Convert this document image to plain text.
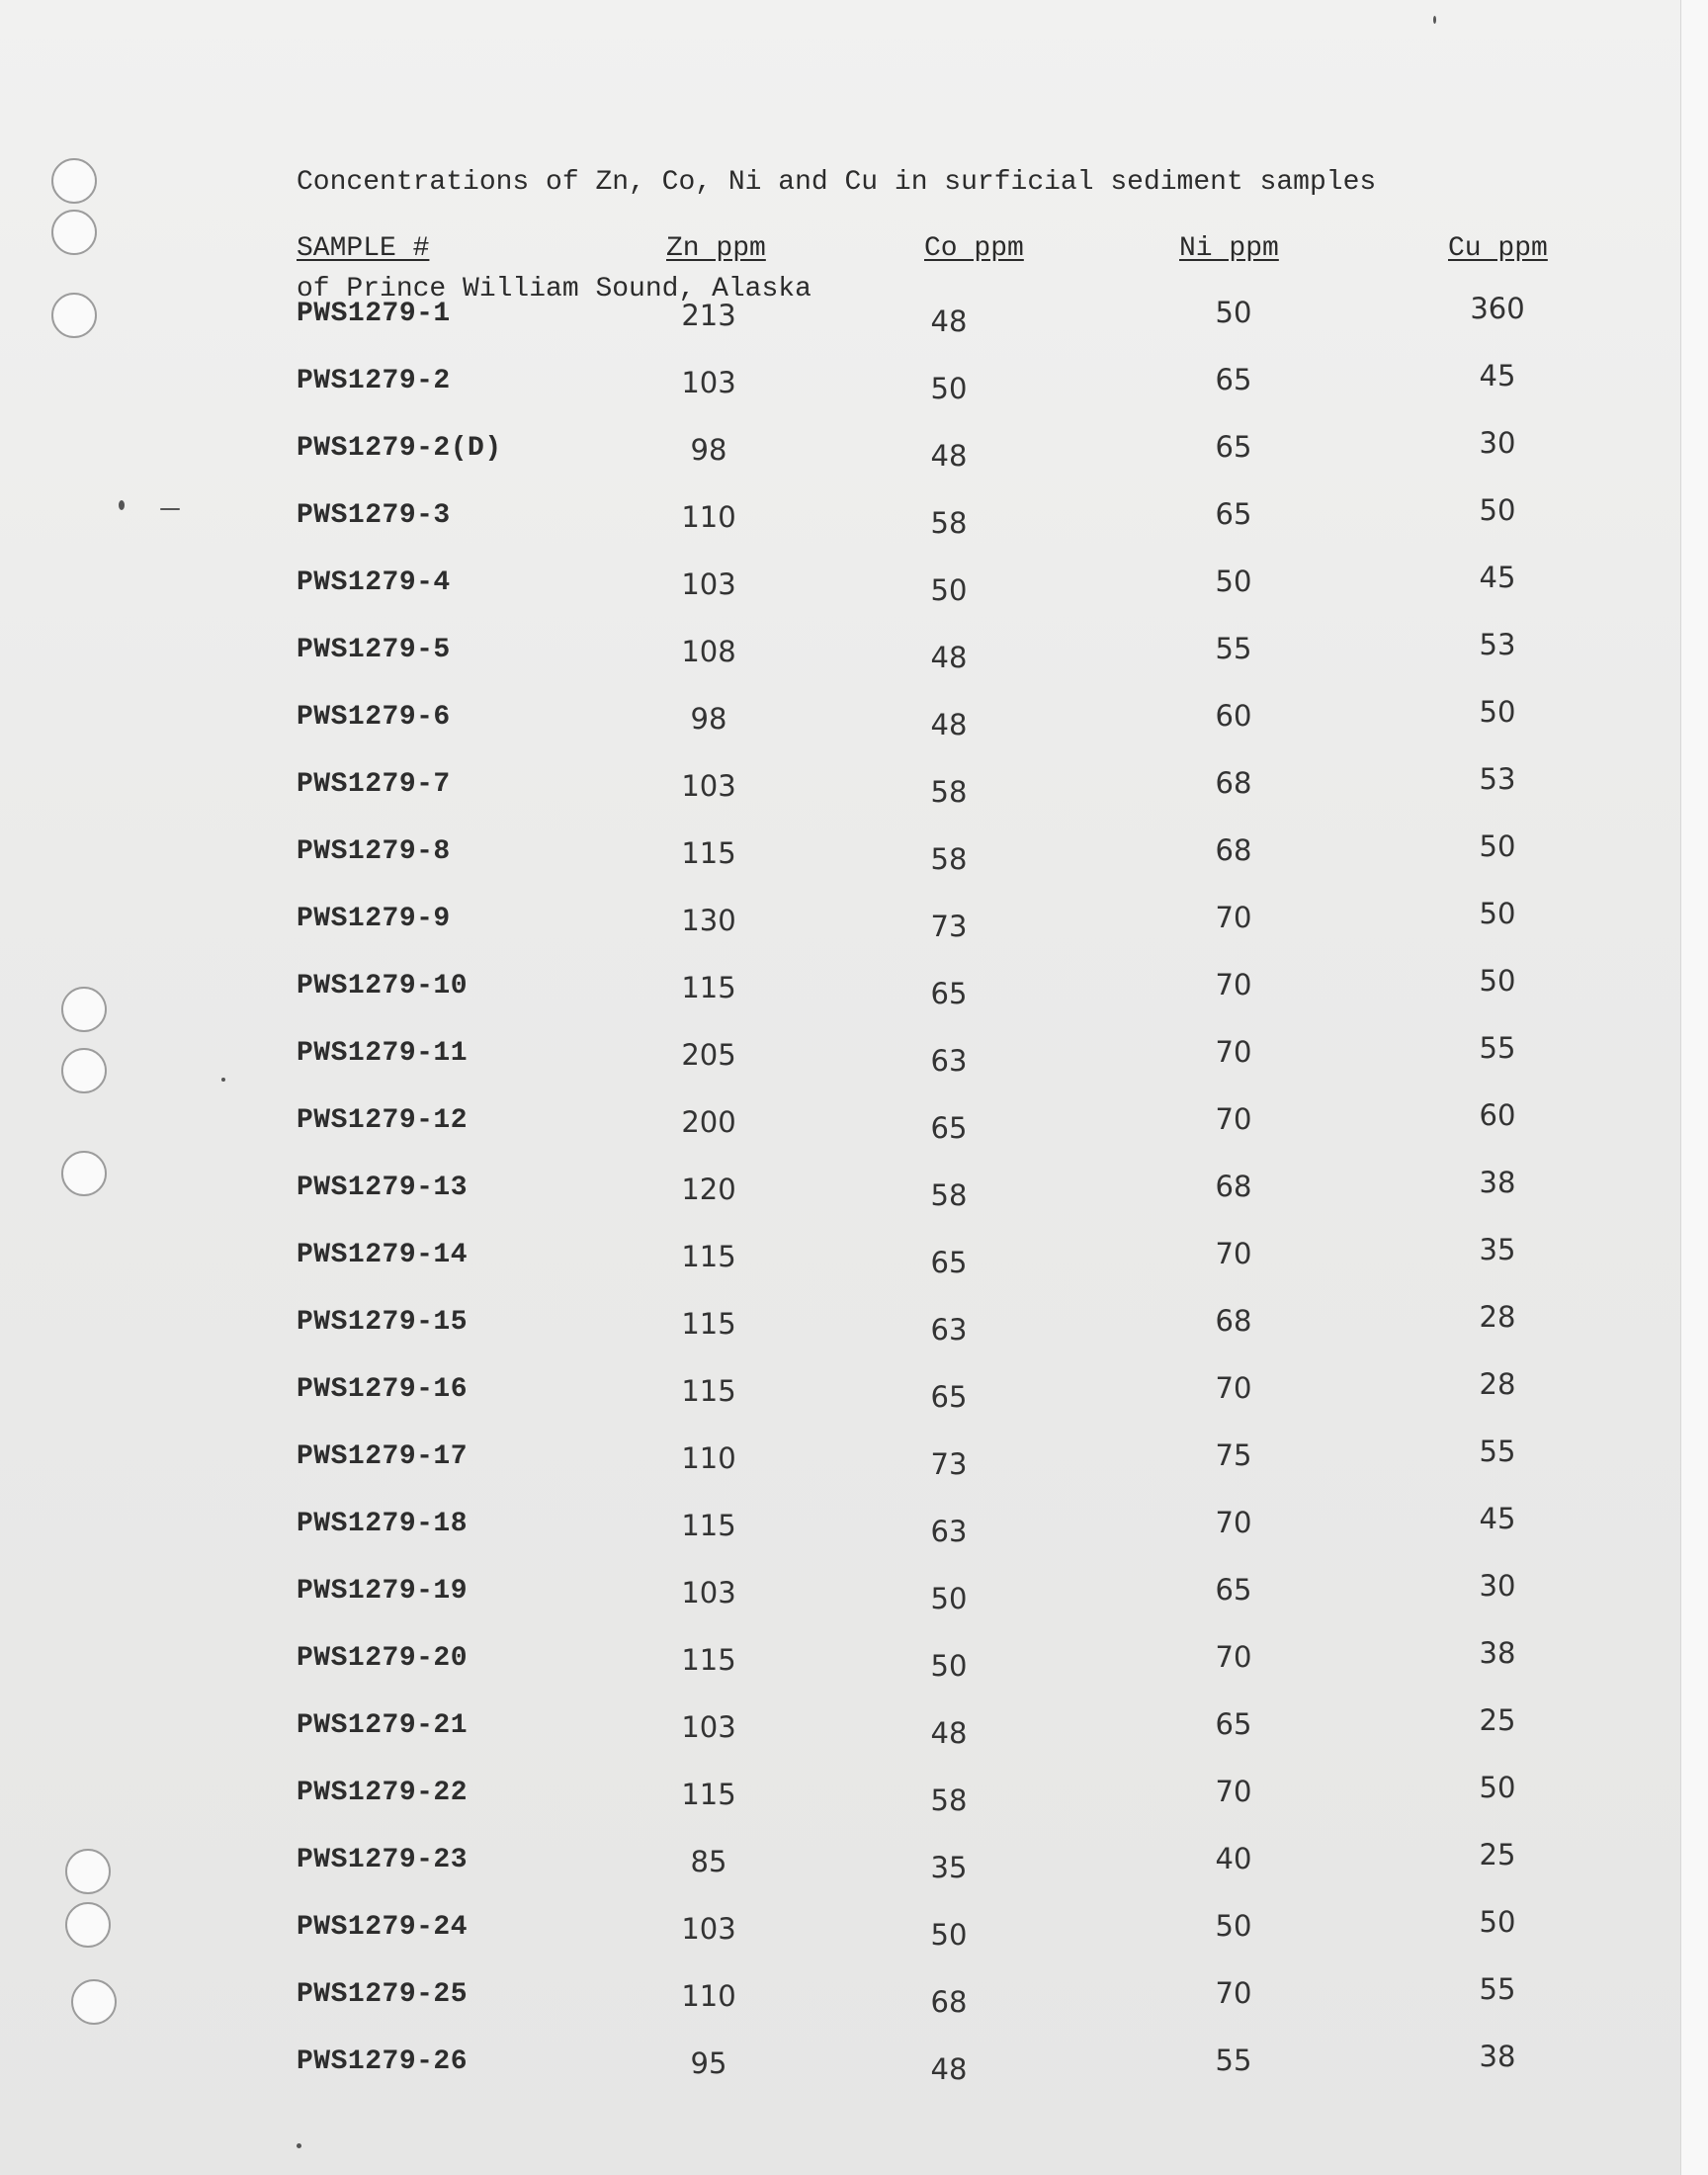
Concentrations of Zn, Co, Ni and Cu in surficial sediment samples

of Prince William Sound, Alaska

SAMPLE #	Zn ppm	Co ppm	Ni ppm	Cu ppm
PWS1279-1	213	48	50	360
PWS1279-2	103	50	65	45
PWS1279-2(D)	98	48	65	30
PWS1279-3	110	58	65	50
PWS1279-4	103	50	50	45
PWS1279-5	108	48	55	53
PWS1279-6	98	48	60	50
PWS1279-7	103	58	68	53
PWS1279-8	115	58	68	50
PWS1279-9	130	73	70	50
PWS1279-10	115	65	70	50
PWS1279-11	205	63	70	55
PWS1279-12	200	65	70	60
PWS1279-13	120	58	68	38
PWS1279-14	115	65	70	35
PWS1279-15	115	63	68	28
PWS1279-16	115	65	70	28
PWS1279-17	110	73	75	55
PWS1279-18	115	63	70	45
PWS1279-19	103	50	65	30
PWS1279-20	115	50	70	38
PWS1279-21	103	48	65	25
PWS1279-22	115	58	70	50
PWS1279-23	85	35	40	25
PWS1279-24	103	50	50	50
PWS1279-25	110	68	70	55
PWS1279-26	95	48	55	38
